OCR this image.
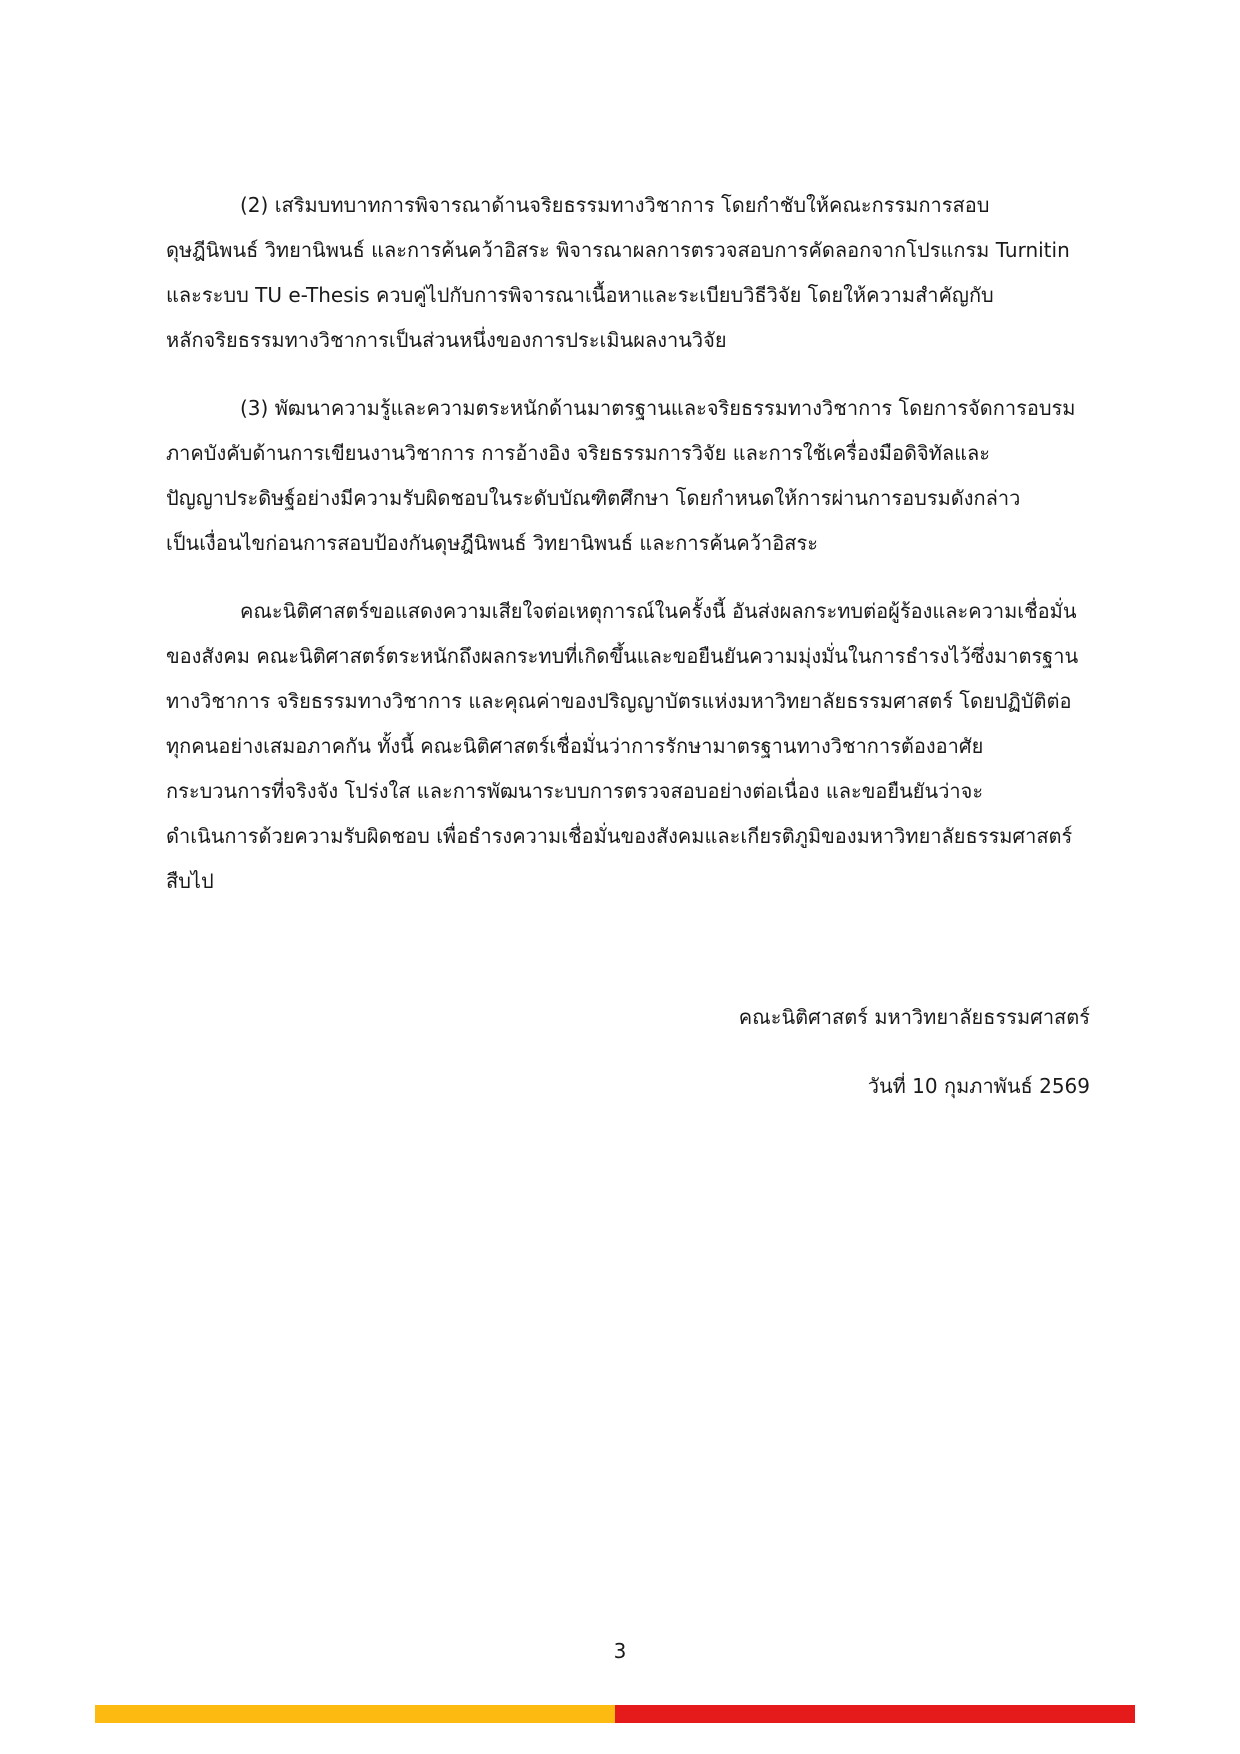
(2) เสริมบทบาทการพิจารณาด้านจริยธรรมทางวิชาการ โดยกำชับให้คณะกรรมการสอบ
ดุษฎีนิพนธ์ วิทยานิพนธ์ และการค้นคว้าอิสระ พิจารณาผลการตรวจสอบการคัดลอกจากโปรแกรม Turnitin
และระบบ TU e-Thesis ควบคู่ไปกับการพิจารณาเนื้อหาและระเบียบวิธีวิจัย โดยให้ความสำคัญกับ
หลักจริยธรรมทางวิชาการเป็นส่วนหนึ่งของการประเมินผลงานวิจัย
(3) พัฒนาความรู้และความตระหนักด้านมาตรฐานและจริยธรรมทางวิชาการ โดยการจัดการอบรม
ภาคบังคับด้านการเขียนงานวิชาการ การอ้างอิง จริยธรรมการวิจัย และการใช้เครื่องมือดิจิทัลและ
ปัญญาประดิษฐ์อย่างมีความรับผิดชอบในระดับบัณฑิตศึกษา โดยกำหนดให้การผ่านการอบรมดังกล่าว
เป็นเงื่อนไขก่อนการสอบป้องกันดุษฎีนิพนธ์ วิทยานิพนธ์ และการค้นคว้าอิสระ
คณะนิติศาสตร์ขอแสดงความเสียใจต่อเหตุการณ์ในครั้งนี้ อันส่งผลกระทบต่อผู้ร้องและความเชื่อมั่น
ของสังคม คณะนิติศาสตร์ตระหนักถึงผลกระทบที่เกิดขึ้นและขอยืนยันความมุ่งมั่นในการธำรงไว้ซึ่งมาตรฐาน
ทางวิชาการ จริยธรรมทางวิชาการ และคุณค่าของปริญญาบัตรแห่งมหาวิทยาลัยธรรมศาสตร์ โดยปฏิบัติต่อ
ทุกคนอย่างเสมอภาคกัน ทั้งนี้ คณะนิติศาสตร์เชื่อมั่นว่าการรักษามาตรฐานทางวิชาการต้องอาศัย
กระบวนการที่จริงจัง โปร่งใส และการพัฒนาระบบการตรวจสอบอย่างต่อเนื่อง และขอยืนยันว่าจะ
ดำเนินการด้วยความรับผิดชอบ เพื่อธำรงความเชื่อมั่นของสังคมและเกียรติภูมิของมหาวิทยาลัยธรรมศาสตร์
สืบไป
คณะนิติศาสตร์ มหาวิทยาลัยธรรมศาสตร์
วันที่ 10 กุมภาพันธ์ 2569
3
